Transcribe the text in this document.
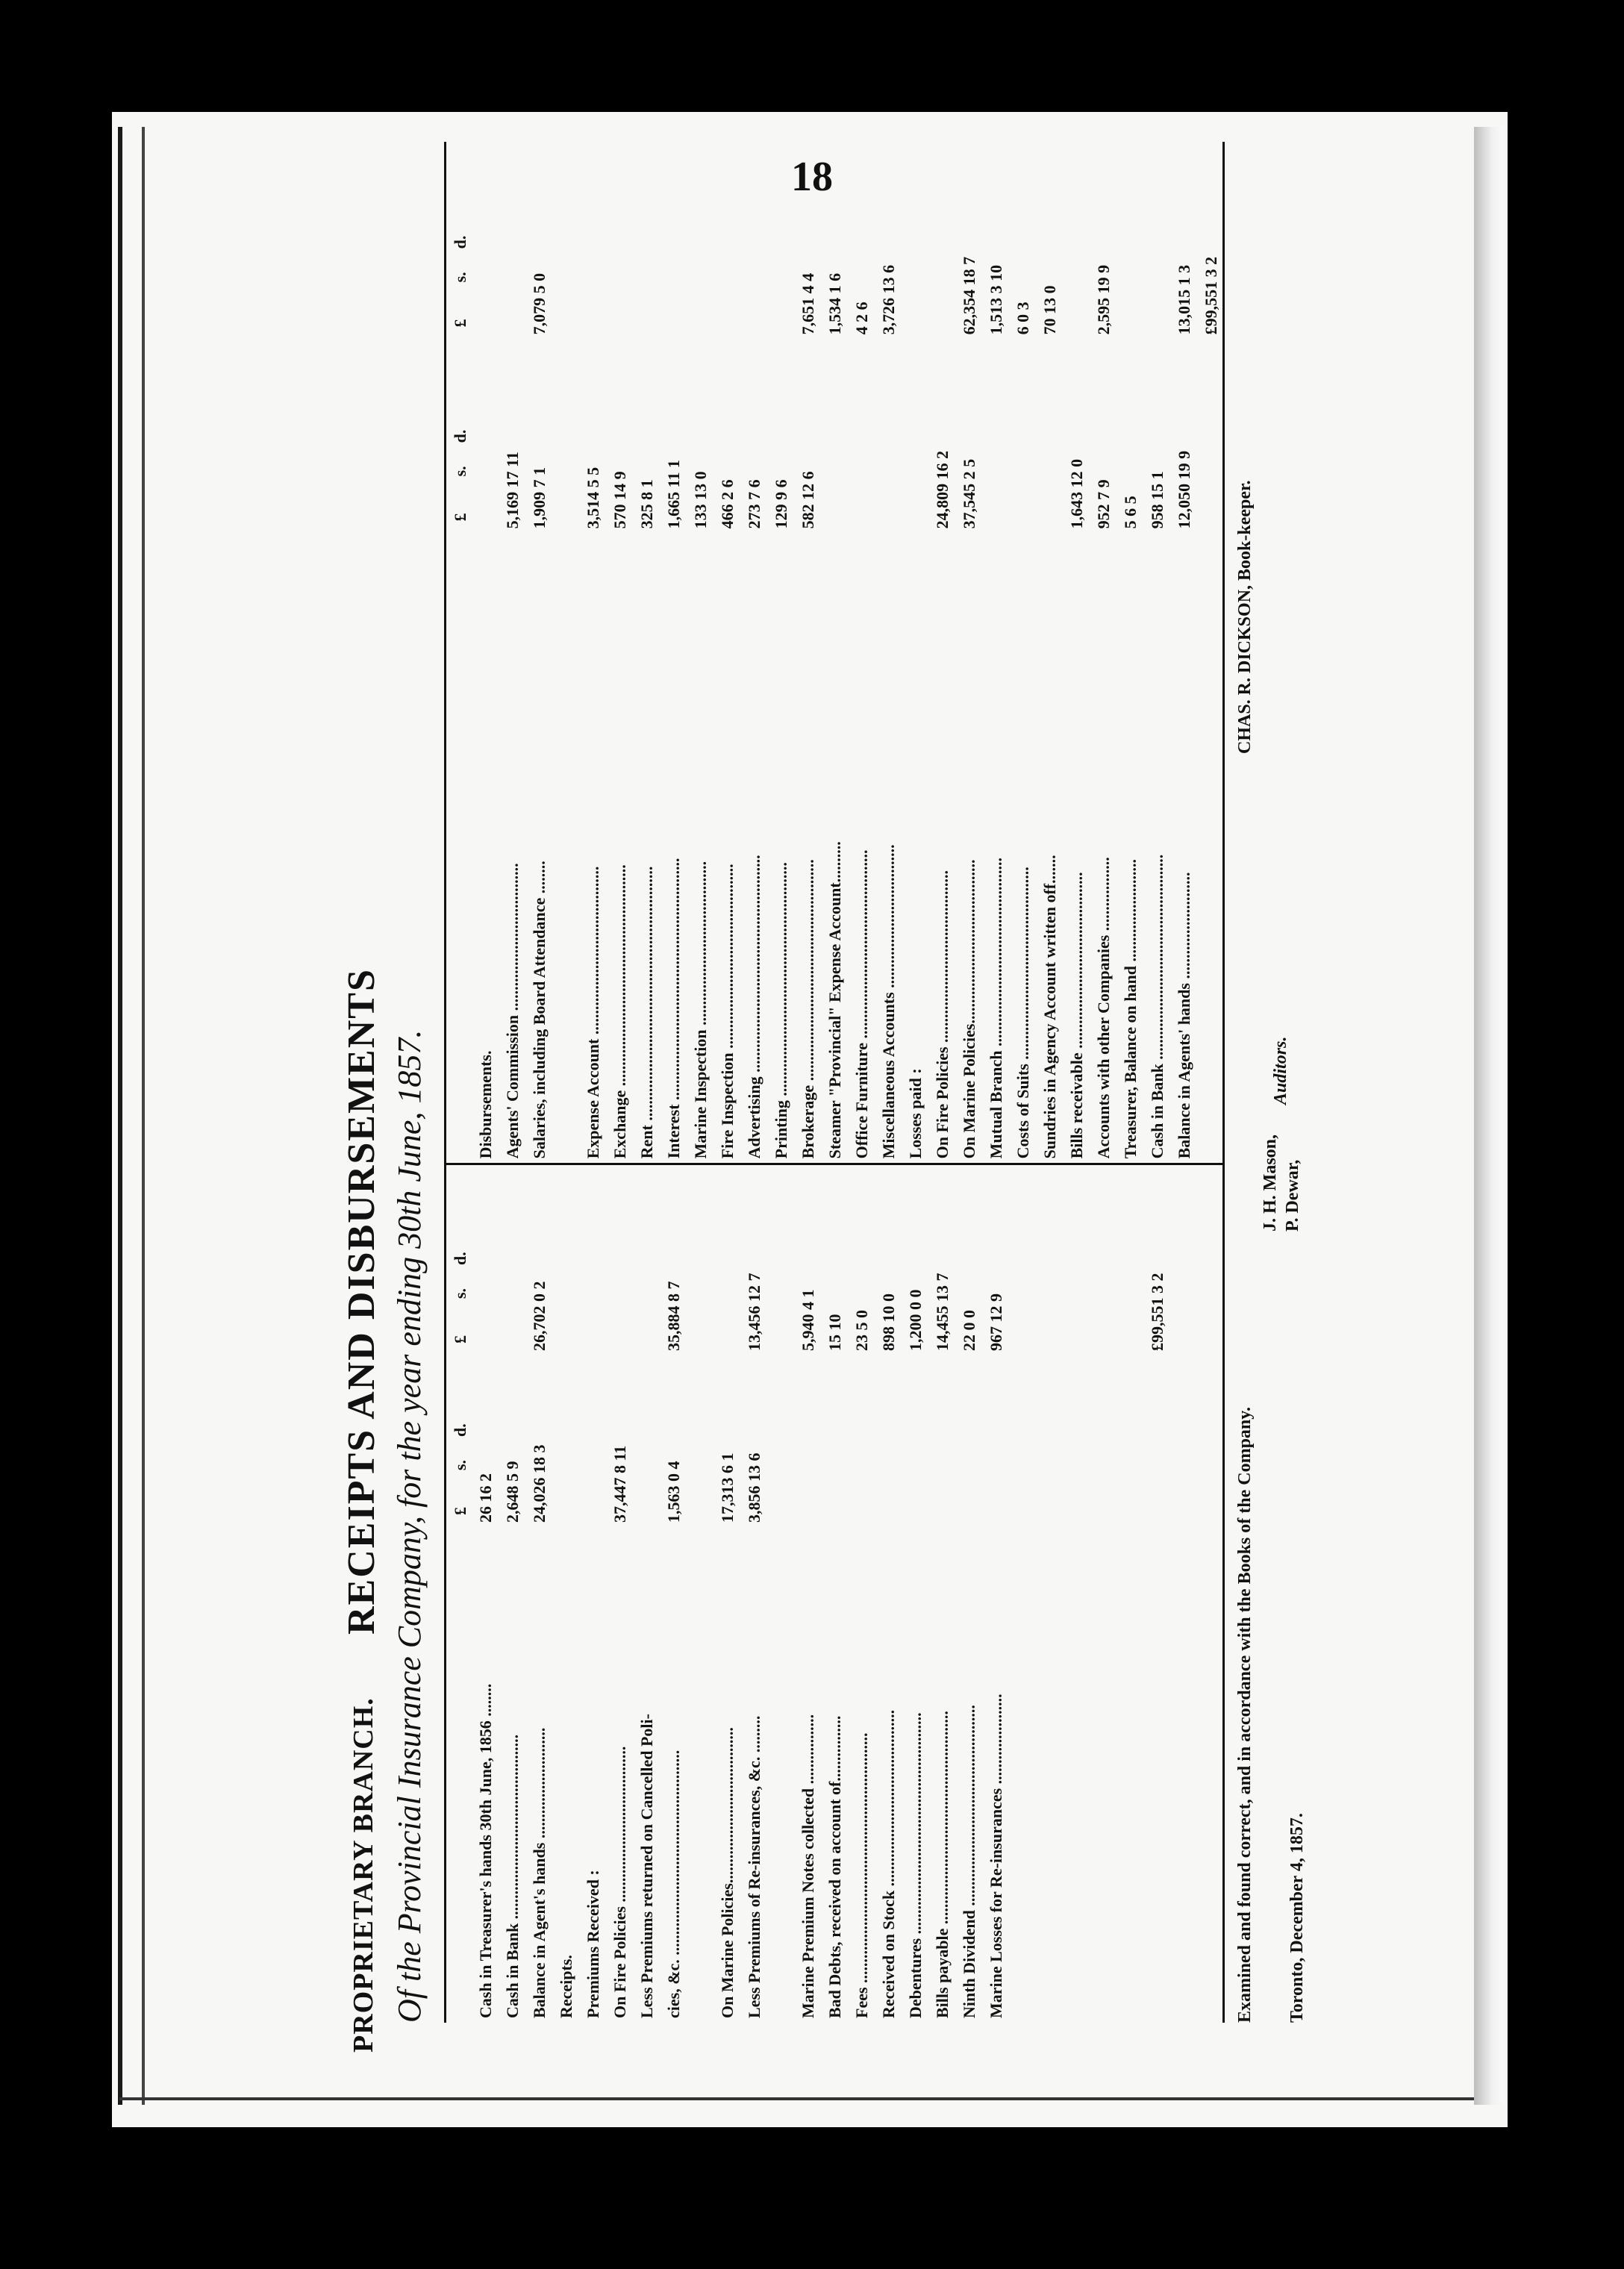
18
PROPRIETARY BRANCH.
RECEIPTS AND DISBURSEMENTS Of the Provincial Insurance Company, for the year ending 30th June, 1857. £
s.
d.
£
s.
d.
Cash in Treasurer's hands 30th June, 1856 ........
26 16 2
Cash in Bank .............................................
2,648 5 9
Balance in Agent's hands ...........................
24,026 18 3
26,702 0 2
Receipts. Premiums Received : On Fire Policies ......................................
37,447 8 11
Less Premiums returned on Cancelled Poli- cies, &c. ..................................................
1,563 0 4
35,884 8 7
On Marine Policies......................................
17,313 6 1
Less Premiums of Re-insurances, &c. .........
3,856 13 6
13,456 12 7
Marine Premium Notes collected .................
5,940 4 1
Bad Debts, received on account of................
15 10
Fees .............................................................
23 5 0
Received on Stock ...........................................
898 10 0
Debentures ......................................................
1,200 0 0
Bills payable ....................................................
14,455 13 7
Ninth Dividend .................................................
22 0 0
Marine Losses for Re-insurances ......................
967 12 9	£99,551 3 2
£
s.
d.
£
s.
d.
Disbursements. Agents' Commission ....................................
5,169 17 11
Salaries, including Board Attendance ........
1,909 7 1
7,079 5 0
Expense Account .........................................
3,514 5 5
Exchange ......................................................
570 14 9
Rent ..............................................................
325 8 1
Interest ...........................................................
1,665 11 1
Marine Inspection ........................................
133 13 0
Fire Inspection .............................................
466 2 6
Advertising .....................................................
273 7 6
Printing .........................................................
129 9 6
Brokerage ......................................................
582 12 6
7,651 4 4
Steamer "Provincial" Expense Account..........
1,534 1 6
Office Furniture ..............................................
4 2 6
Miscellaneous Accounts ...................................
3,726 13 6
Losses paid : On Fire Policies ..........................................
24,809 16 2
On Marine Policies........................................
37,545 2 5
62,354 18 7
Mutual Branch ..............................................
1,513 3 10
Costs of Suits ...............................................
6 0 3
Sundries in Agency Account written off.......
70 13 0
Bills receivable ...........................................
1,643 12 0
Accounts with other Companies ..................
952 7 9
2,595 19 9
Treasurer, Balance on hand .........................
5 6 5
Cash in Bank ..................................................
958 15 1
Balance in Agents' hands ..........................
12,050 19 9
13,015 1 3 £99,551 3 2
Examined and found correct, and in accordance with the Books of the Company.
J. H. Mason, P. Dewar,
Auditors.
CHAS. R. DICKSON, Book-keeper.
Toronto, December 4, 1857.
